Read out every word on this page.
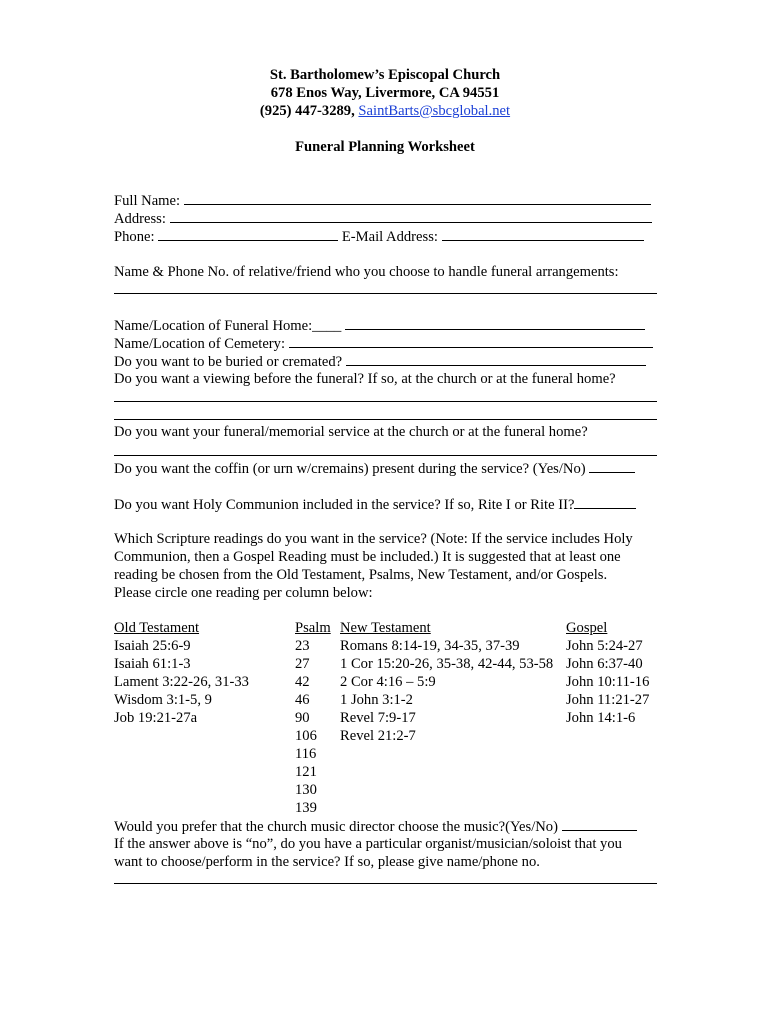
St. Bartholomew’s Episcopal Church
678 Enos Way, Livermore, CA 94551
(925) 447-3289, SaintBarts@sbcglobal.net
Funeral Planning Worksheet
Full Name:
Address:
Phone:	E-Mail Address:
Name & Phone No. of relative/friend who you choose to handle funeral arrangements:
Name/Location of Funeral Home:____
Name/Location of Cemetery:
Do you want to be buried or cremated?
Do you want a viewing before the funeral? If so, at the church or at the funeral home?
Do you want your funeral/memorial service at the church or at the funeral home?
Do you want the coffin (or urn w/cremains) present during the service? (Yes/No)
Do you want Holy Communion included in the service? If so, Rite I or Rite II?
Which Scripture readings do you want in the service? (Note: If the service includes Holy
Communion, then a Gospel Reading must be included.) It is suggested that at least one
reading be chosen from the Old Testament, Psalms, New Testament, and/or Gospels.
Please circle one reading per column below:
Old Testament
Isaiah 25:6-9
Isaiah 61:1-3
Lament 3:22-26, 31-33
Wisdom 3:1-5, 9
Job 19:21-27a
Psalm
23
27
42
46
90
106
116
121
130
139
New Testament
Romans 8:14-19, 34-35, 37-39
1 Cor 15:20-26, 35-38, 42-44, 53-58
2 Cor 4:16 – 5:9
1 John 3:1-2
Revel 7:9-17
Revel 21:2-7
Gospel
John 5:24-27
John 6:37-40
John 10:11-16
John 11:21-27
John 14:1-6
Would you prefer that the church music director choose the music?(Yes/No)
If the answer above is “no”, do you have a particular organist/musician/soloist that you
want to choose/perform in the service? If so, please give name/phone no.
